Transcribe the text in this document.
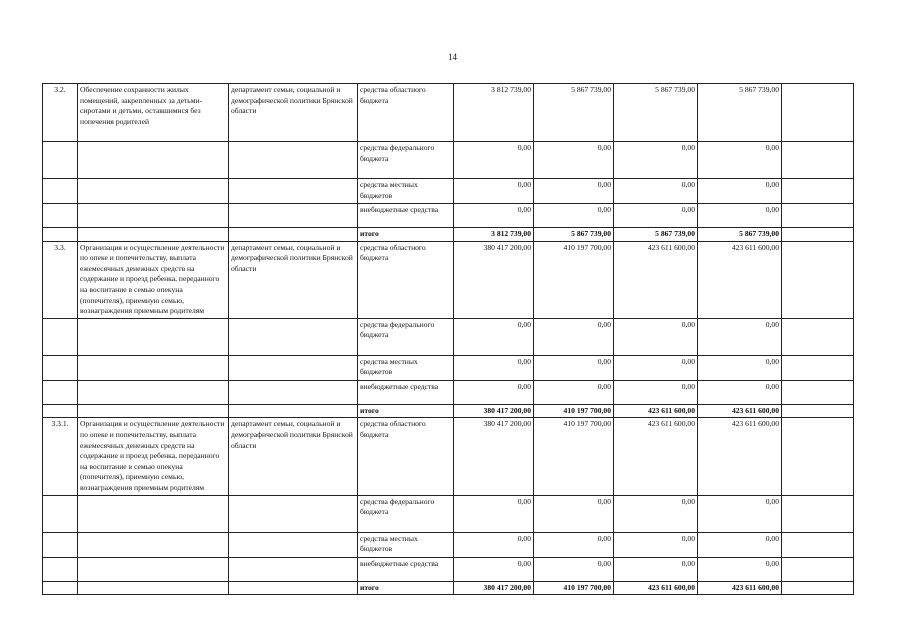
14
3.2.	Обеспечение сохранности жилых помещений, закрепленных за детьми-сиротами и детьми, оставшимися без попечения родителей	департамент семьи, социальной и демографической политики Брянской области	средства областного бюджета	3 812 739,00	5 867 739,00	5 867 739,00	5 867 739,00	
			средства федерального бюджета	0,00	0,00	0,00	0,00	
			средства местных бюджетов	0,00	0,00	0,00	0,00	
			внебюджетные средства	0,00	0,00	0,00	0,00	
			итого	3 812 739,00	5 867 739,00	5 867 739,00	5 867 739,00	
3.3.	Организация и осуществление деятельности по опеке и попечительству, выплата ежемесячных денежных средств на содержание и проезд ребенка, переданного на воспитание в семью опекуна (попечителя), приемную семью, вознаграждения приемным родителям	департамент семьи, социальной и демографической политики Брянской области	средства областного бюджета	380 417 200,00	410 197 700,00	423 611 600,00	423 611 600,00	
			средства федерального бюджета	0,00	0,00	0,00	0,00	
			средства местных бюджетов	0,00	0,00	0,00	0,00	
			внебюджетные средства	0,00	0,00	0,00	0,00	
			итого	380 417 200,00	410 197 700,00	423 611 600,00	423 611 600,00	
3.3.1.	Организация и осуществление деятельности по опеке и попечительству, выплата ежемесячных денежных средств на содержание и проезд ребенка, переданного на воспитание в семью опекуна (попечителя), приемную семью, вознаграждения приемным родителям	департамент семьи, социальной и демографической политики Брянской области	средства областного бюджета	380 417 200,00	410 197 700,00	423 611 600,00	423 611 600,00	
			средства федерального бюджета	0,00	0,00	0,00	0,00	
			средства местных бюджетов	0,00	0,00	0,00	0,00	
			внебюджетные средства	0,00	0,00	0,00	0,00	
			итого	380 417 200,00	410 197 700,00	423 611 600,00	423 611 600,00	
